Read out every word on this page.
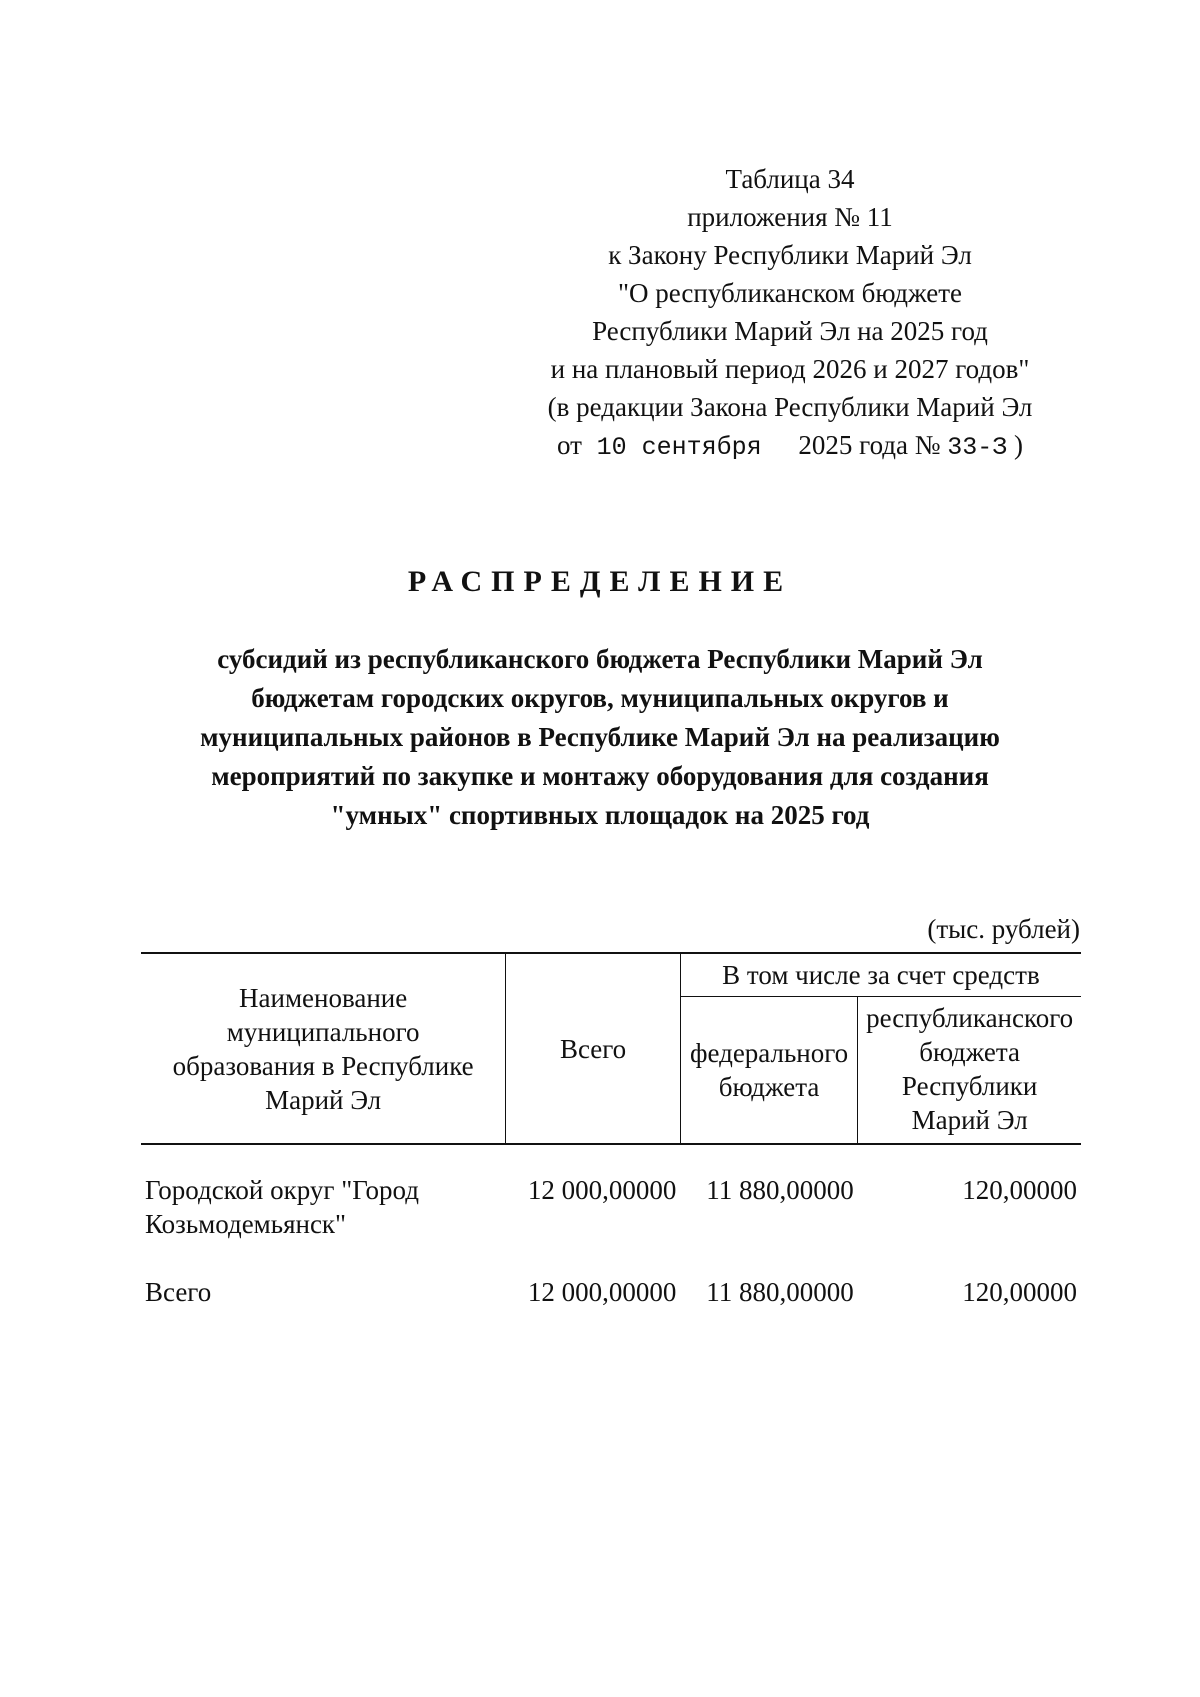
Таблица 34
приложения № 11
к Закону Республики Марий Эл
"О республиканском бюджете
Республики Марий Эл на 2025 год
и на плановый период 2026 и 2027 годов"
(в редакции Закона Республики Марий Эл
от 10 сентября 2025 года № 33-З )
РАСПРЕДЕЛЕНИЕ
субсидий из республиканского бюджета Республики Марий Эл
бюджетам городских округов, муниципальных округов и
муниципальных районов в Республике Марий Эл на реализацию
мероприятий по закупке и монтажу оборудования для создания
"умных" спортивных площадок на 2025 год
(тыс. рублей)
Наименование муниципального образования в Республике Марий Эл	Всего	В том числе за счет средств	
		федерального бюджета	республиканского бюджета Республики Марий Эл

Городской округ "Город
Козьмодемьянск"	12 000,00000	11 880,00000	120,00000

Всего	12 000,00000	11 880,00000	120,00000
